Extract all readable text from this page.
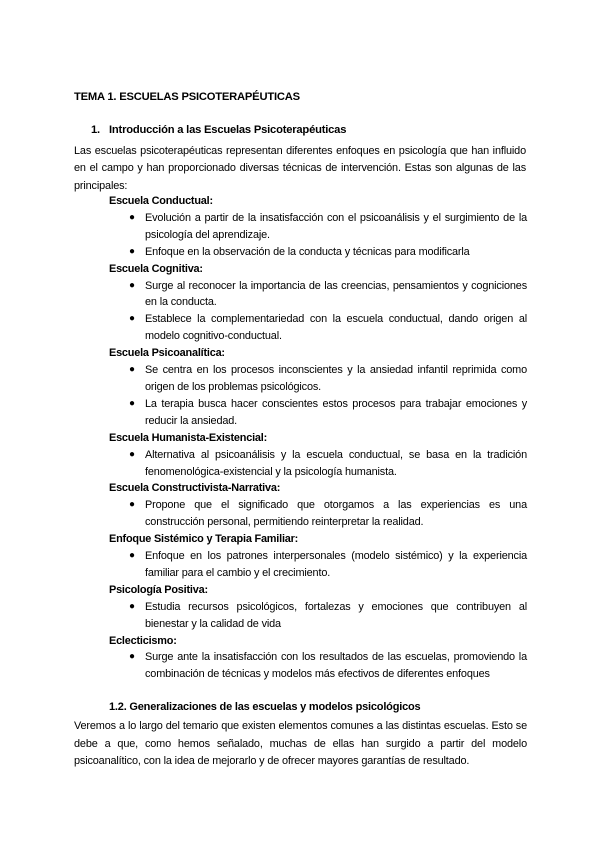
TEMA 1. ESCUELAS PSICOTERAPÉUTICAS
1. Introducción a las Escuelas Psicoterapéuticas

Las escuelas psicoterapéuticas representan diferentes enfoques en psicología que han influido en el campo y han proporcionado diversas técnicas de intervención. Estas son algunas de las principales:

Escuela Conductual:
● Evolución a partir de la insatisfacción con el psicoanálisis y el surgimiento de la psicología del aprendizaje.
● Enfoque en la observación de la conducta y técnicas para modificarla
Escuela Cognitiva:
● Surge al reconocer la importancia de las creencias, pensamientos y cogniciones en la conducta.
● Establece la complementariedad con la escuela conductual, dando origen al modelo cognitivo-conductual.
Escuela Psicoanalítica:
● Se centra en los procesos inconscientes y la ansiedad infantil reprimida como origen de los problemas psicológicos.
● La terapia busca hacer conscientes estos procesos para trabajar emociones y reducir la ansiedad.
Escuela Humanista-Existencial:
● Alternativa al psicoanálisis y la escuela conductual, se basa en la tradición fenomenológica-existencial y la psicología humanista.
Escuela Constructivista-Narrativa:
● Propone que el significado que otorgamos a las experiencias es una construcción personal, permitiendo reinterpretar la realidad.
Enfoque Sistémico y Terapia Familiar:
● Enfoque en los patrones interpersonales (modelo sistémico) y la experiencia familiar para el cambio y el crecimiento.
Psicología Positiva:
● Estudia recursos psicológicos, fortalezas y emociones que contribuyen al bienestar y la calidad de vida
Eclecticismo:
● Surge ante la insatisfacción con los resultados de las escuelas, promoviendo la combinación de técnicas y modelos más efectivos de diferentes enfoques
1.2. Generalizaciones de las escuelas y modelos psicológicos

Veremos a lo largo del temario que existen elementos comunes a las distintas escuelas. Esto se debe a que, como hemos señalado, muchas de ellas han surgido a partir del modelo psicoanalítico, con la idea de mejorarlo y de ofrecer mayores garantías de resultado.
